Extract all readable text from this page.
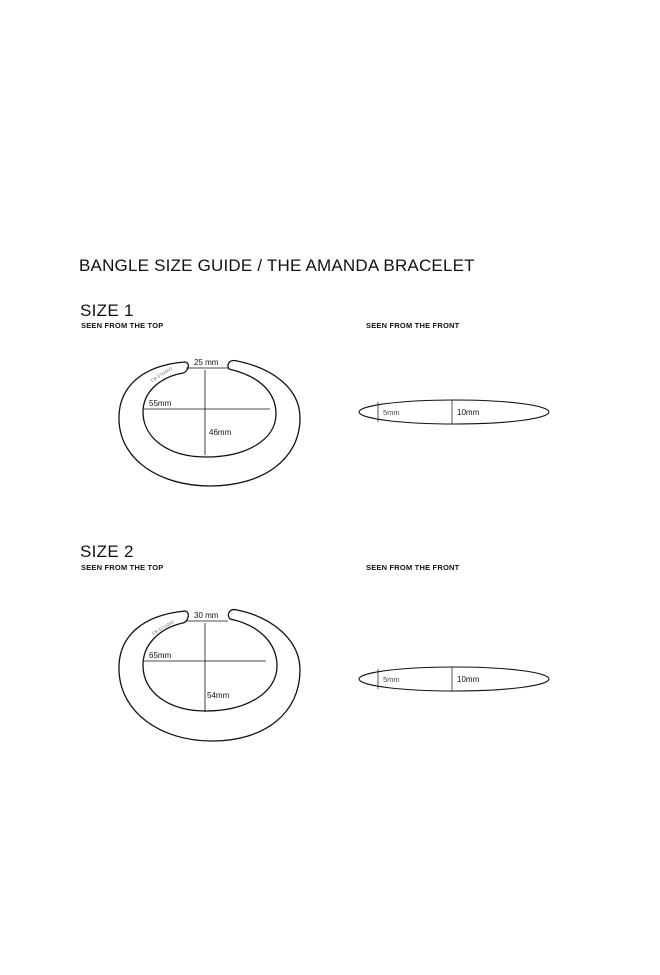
BANGLE SIZE GUIDE / THE AMANDA BRACELET
SIZE 1
SEEN FROM THE TOP	SEEN FROM THE FRONT
CB STUDIO
25 mm
55mm
46mm
5mm	10mm
CB STUDIO
30 mm
65mm
54mm
5mm	10mm
SIZE 2
SEEN FROM THE TOP	SEEN FROM THE FRONT
